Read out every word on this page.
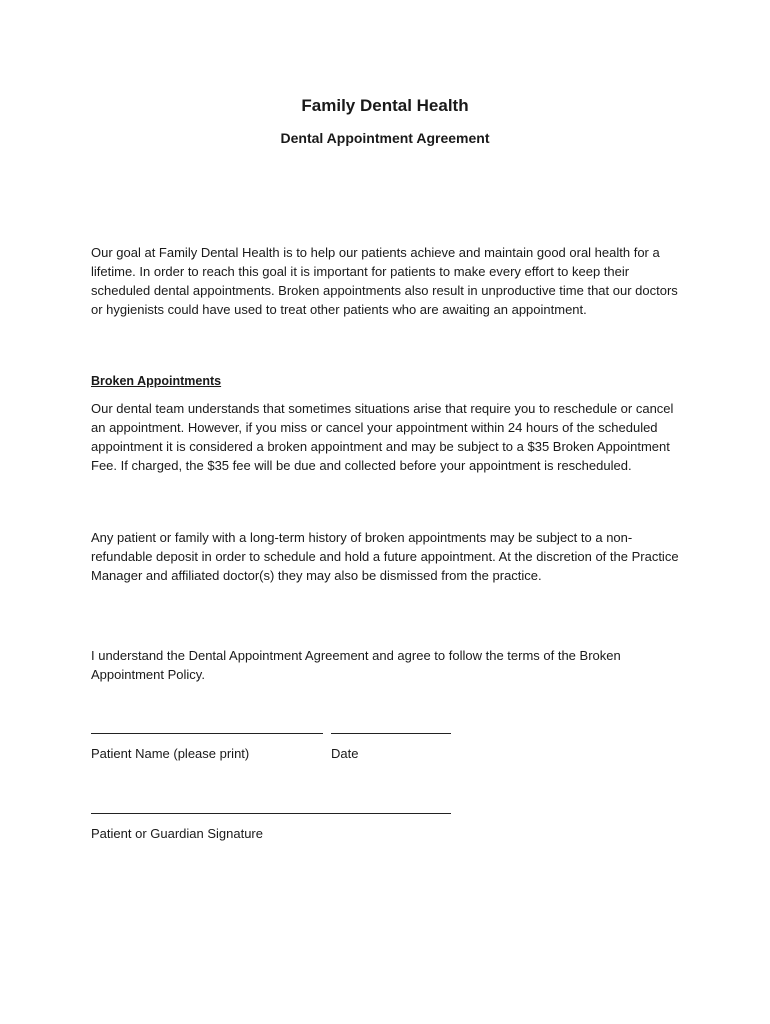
Family Dental Health
Dental Appointment Agreement

Our goal at Family Dental Health is to help our patients achieve and maintain good oral health for a lifetime. In order to reach this goal it is important for patients to make every effort to keep their scheduled dental appointments. Broken appointments also result in unproductive time that our doctors or hygienists could have used to treat other patients who are awaiting an appointment.

Broken Appointments

Our dental team understands that sometimes situations arise that require you to reschedule or cancel an appointment. However, if you miss or cancel your appointment within 24 hours of the scheduled appointment it is considered a broken appointment and may be subject to a $35 Broken Appointment Fee. If charged, the $35 fee will be due and collected before your appointment is rescheduled.

Any patient or family with a long-term history of broken appointments may be subject to a non-refundable deposit in order to schedule and hold a future appointment. At the discretion of the Practice Manager and affiliated doctor(s) they may also be dismissed from the practice.

I understand the Dental Appointment Agreement and agree to follow the terms of the Broken Appointment Policy.

Patient Name (please print)	Date
Patient or Guardian Signature
